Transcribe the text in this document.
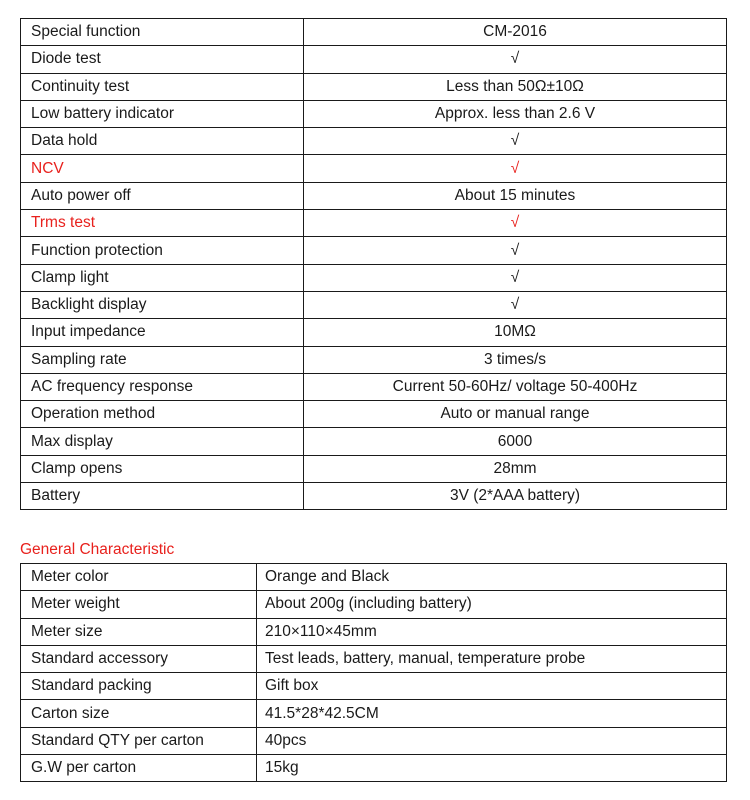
Special function	CM-2016
Diode test	√
Continuity test	Less than 50Ω±10Ω
Low battery indicator	Approx. less than 2.6 V
Data hold	√
NCV	√
Auto power off	About 15 minutes
Trms test	√
Function protection	√
Clamp light	√
Backlight display	√
Input impedance	10MΩ
Sampling rate	3 times/s
AC frequency response	Current 50-60Hz/ voltage 50-400Hz
Operation method	Auto or manual range
Max display	6000
Clamp opens	28mm
Battery	3V (2*AAA battery)
General Characteristic
Meter color	Orange and Black
Meter weight	About 200g (including battery)
Meter size	210×110×45mm
Standard accessory	Test leads, battery, manual, temperature probe
Standard packing	Gift box
Carton size	41.5*28*42.5CM
Standard QTY per carton	40pcs
G.W per carton	15kg
